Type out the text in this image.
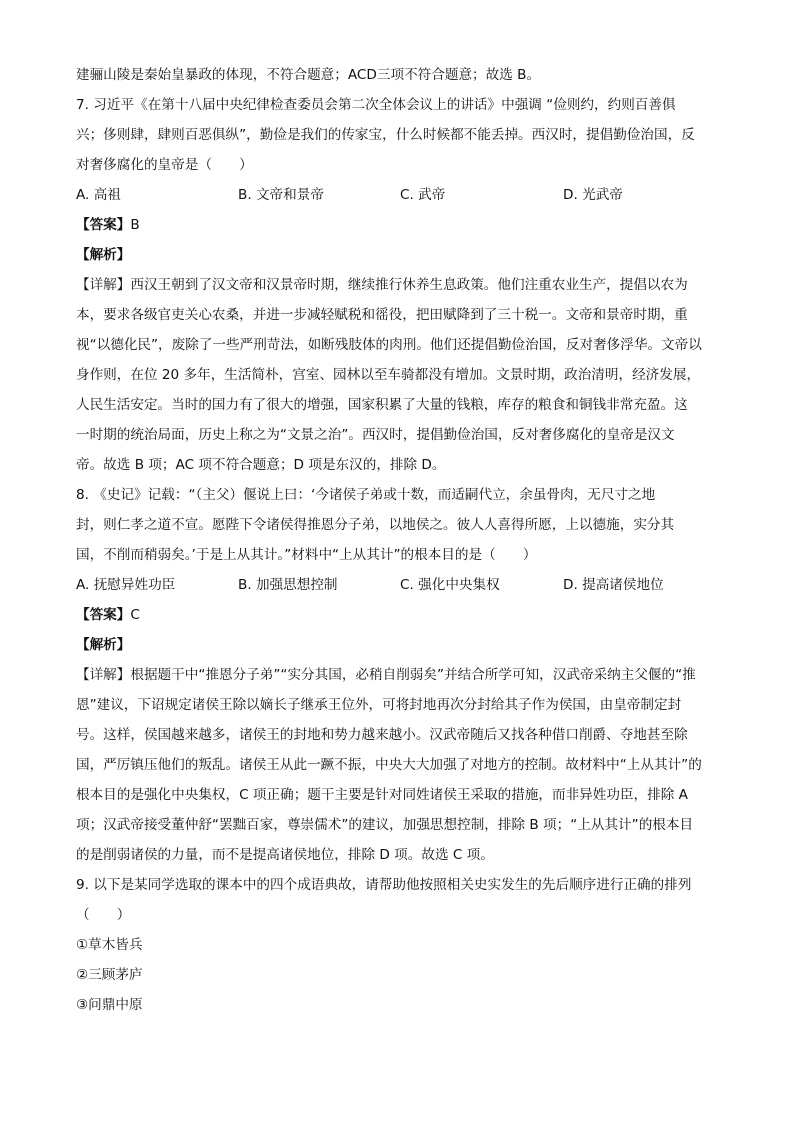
建骊山陵是秦始皇暴政的体现，不符合题意；ACD三项不符合题意；故选 B。
7. 习近平《在第十八届中央纪律检查委员会第二次全体会议上的讲话》中强调 “俭则约，约则百善俱
兴；侈则肆，肆则百恶俱纵”，勤俭是我们的传家宝，什么时候都不能丢掉。西汉时，提倡勤俭治国，反
对奢侈腐化的皇帝是（　　）
A. 高祖	B. 文帝和景帝	C. 武帝	D. 光武帝
【答案】B
【解析】
【详解】西汉王朝到了汉文帝和汉景帝时期，继续推行休养生息政策。他们注重农业生产，提倡以农为
本，要求各级官吏关心农桑，并进一步减轻赋税和徭役，把田赋降到了三十税一。文帝和景帝时期，重
视“以德化民”，废除了一些严刑苛法，如断残肢体的肉刑。他们还提倡勤俭治国，反对奢侈浮华。文帝以
身作则，在位 20 多年，生活简朴，宫室、园林以至车骑都没有增加。文景时期，政治清明，经济发展，
人民生活安定。当时的国力有了很大的增强，国家积累了大量的钱粮，库存的粮食和铜钱非常充盈。这
一时期的统治局面，历史上称之为“文景之治”。西汉时，提倡勤俭治国，反对奢侈腐化的皇帝是汉文
帝。故选 B 项；AC 项不符合题意；D 项是东汉的，排除 D。
8. 《史记》记载：“（主父）偃说上曰：‘今诸侯子弟或十数，而适嗣代立，余虽骨肉，无尺寸之地
封，则仁孝之道不宣。愿陛下令诸侯得推恩分子弟，以地侯之。彼人人喜得所愿，上以德施，实分其
国，不削而稍弱矣。’于是上从其计。”材料中“上从其计”的根本目的是（　　）
A. 抚慰异姓功臣	B. 加强思想控制	C. 强化中央集权	D. 提高诸侯地位
【答案】C
【解析】
【详解】根据题干中“推恩分子弟”“实分其国，必稍自削弱矣”并结合所学可知，汉武帝采纳主父偃的“推
恩”建议，下诏规定诸侯王除以嫡长子继承王位外，可将封地再次分封给其子作为侯国，由皇帝制定封
号。这样，侯国越来越多，诸侯王的封地和势力越来越小。汉武帝随后又找各种借口削爵、夺地甚至除
国，严厉镇压他们的叛乱。诸侯王从此一蹶不振，中央大大加强了对地方的控制。故材料中“上从其计”的
根本目的是强化中央集权，C 项正确；题干主要是针对同姓诸侯王采取的措施，而非异姓功臣，排除 A
项；汉武帝接受董仲舒“罢黜百家，尊崇儒术”的建议，加强思想控制，排除 B 项；“上从其计”的根本目
的是削弱诸侯的力量，而不是提高诸侯地位，排除 D 项。故选 C 项。
9. 以下是某同学选取的课本中的四个成语典故，请帮助他按照相关史实发生的先后顺序进行正确的排列
（　　）
①草木皆兵
②三顾茅庐
③问鼎中原
